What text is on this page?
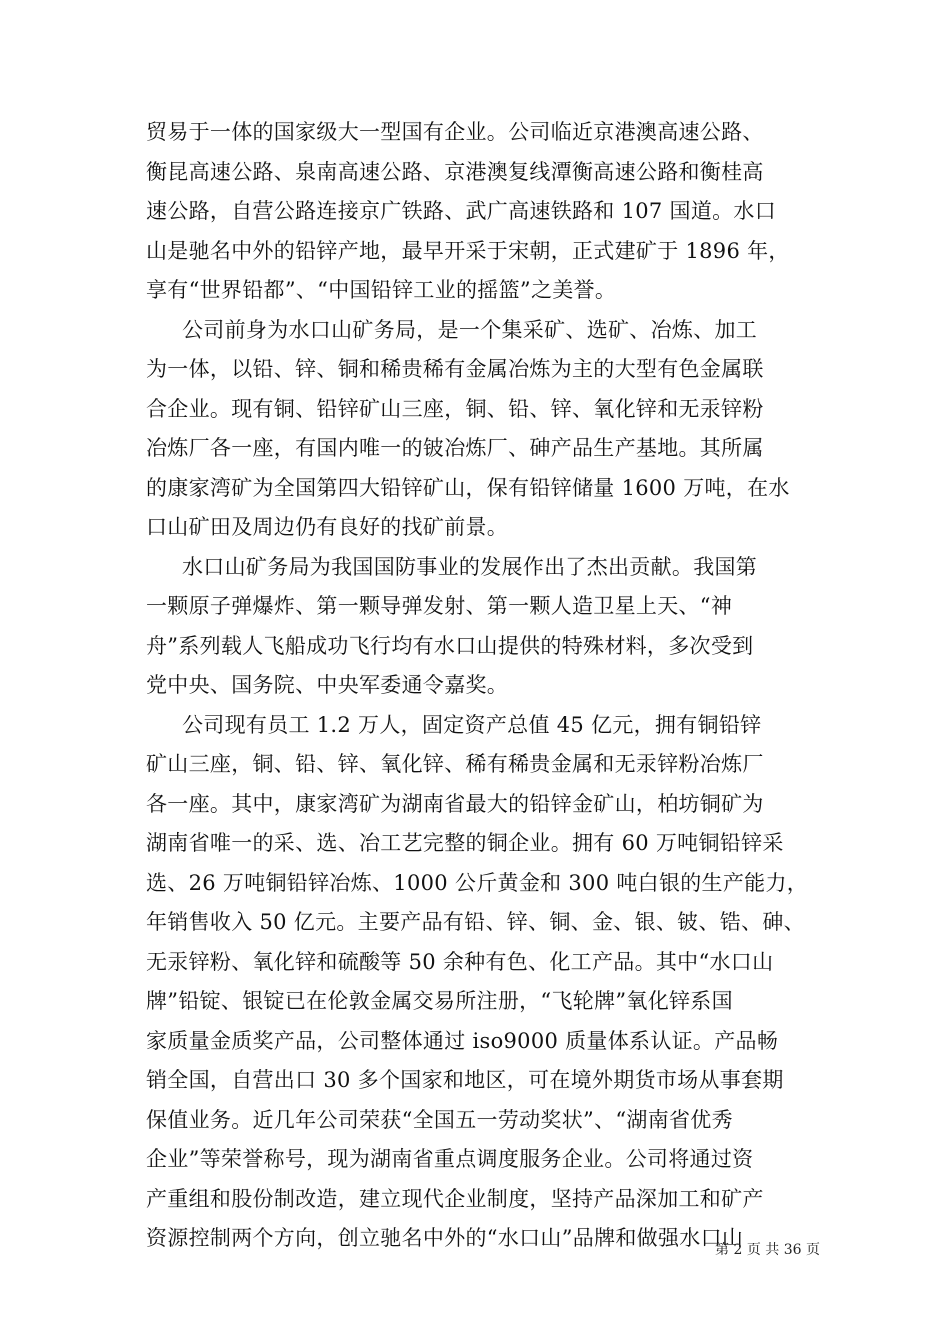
贸易于一体的国家级大一型国有企业。公司临近京港澳高速公路、
衡昆高速公路、泉南高速公路、京港澳复线潭衡高速公路和衡桂高
速公路，自营公路连接京广铁路、武广高速铁路和 107 国道。水口
山是驰名中外的铅锌产地，最早开采于宋朝，正式建矿于 1896 年，
享有“世界铅都”、“中国铅锌工业的摇篮”之美誉。
公司前身为水口山矿务局，是一个集采矿、选矿、冶炼、加工
为一体，以铅、锌、铜和稀贵稀有金属冶炼为主的大型有色金属联
合企业。现有铜、铅锌矿山三座，铜、铅、锌、氧化锌和无汞锌粉
冶炼厂各一座，有国内唯一的铍冶炼厂、砷产品生产基地。其所属
的康家湾矿为全国第四大铅锌矿山，保有铅锌储量 1600 万吨，在水
口山矿田及周边仍有良好的找矿前景。
水口山矿务局为我国国防事业的发展作出了杰出贡献。我国第
一颗原子弹爆炸、第一颗导弹发射、第一颗人造卫星上天、“神
舟”系列载人飞船成功飞行均有水口山提供的特殊材料，多次受到
党中央、国务院、中央军委通令嘉奖。
公司现有员工 1.2 万人，固定资产总值 45 亿元，拥有铜铅锌
矿山三座，铜、铅、锌、氧化锌、稀有稀贵金属和无汞锌粉冶炼厂
各一座。其中，康家湾矿为湖南省最大的铅锌金矿山，柏坊铜矿为
湖南省唯一的采、选、冶工艺完整的铜企业。拥有 60 万吨铜铅锌采
选、26 万吨铜铅锌冶炼、1000 公斤黄金和 300 吨白银的生产能力，
年销售收入 50 亿元。主要产品有铅、锌、铜、金、银、铍、锆、砷、
无汞锌粉、氧化锌和硫酸等 50 余种有色、化工产品。其中“水口山
牌”铅锭、银锭已在伦敦金属交易所注册，“飞轮牌”氧化锌系国
家质量金质奖产品，公司整体通过 iso9000 质量体系认证。产品畅
销全国，自营出口 30 多个国家和地区，可在境外期货市场从事套期
保值业务。近几年公司荣获“全国五一劳动奖状”、“湖南省优秀
企业”等荣誉称号，现为湖南省重点调度服务企业。公司将通过资
产重组和股份制改造，建立现代企业制度，坚持产品深加工和矿产
资源控制两个方向，创立驰名中外的“水口山”品牌和做强水口山
第 2 页 共 36 页
